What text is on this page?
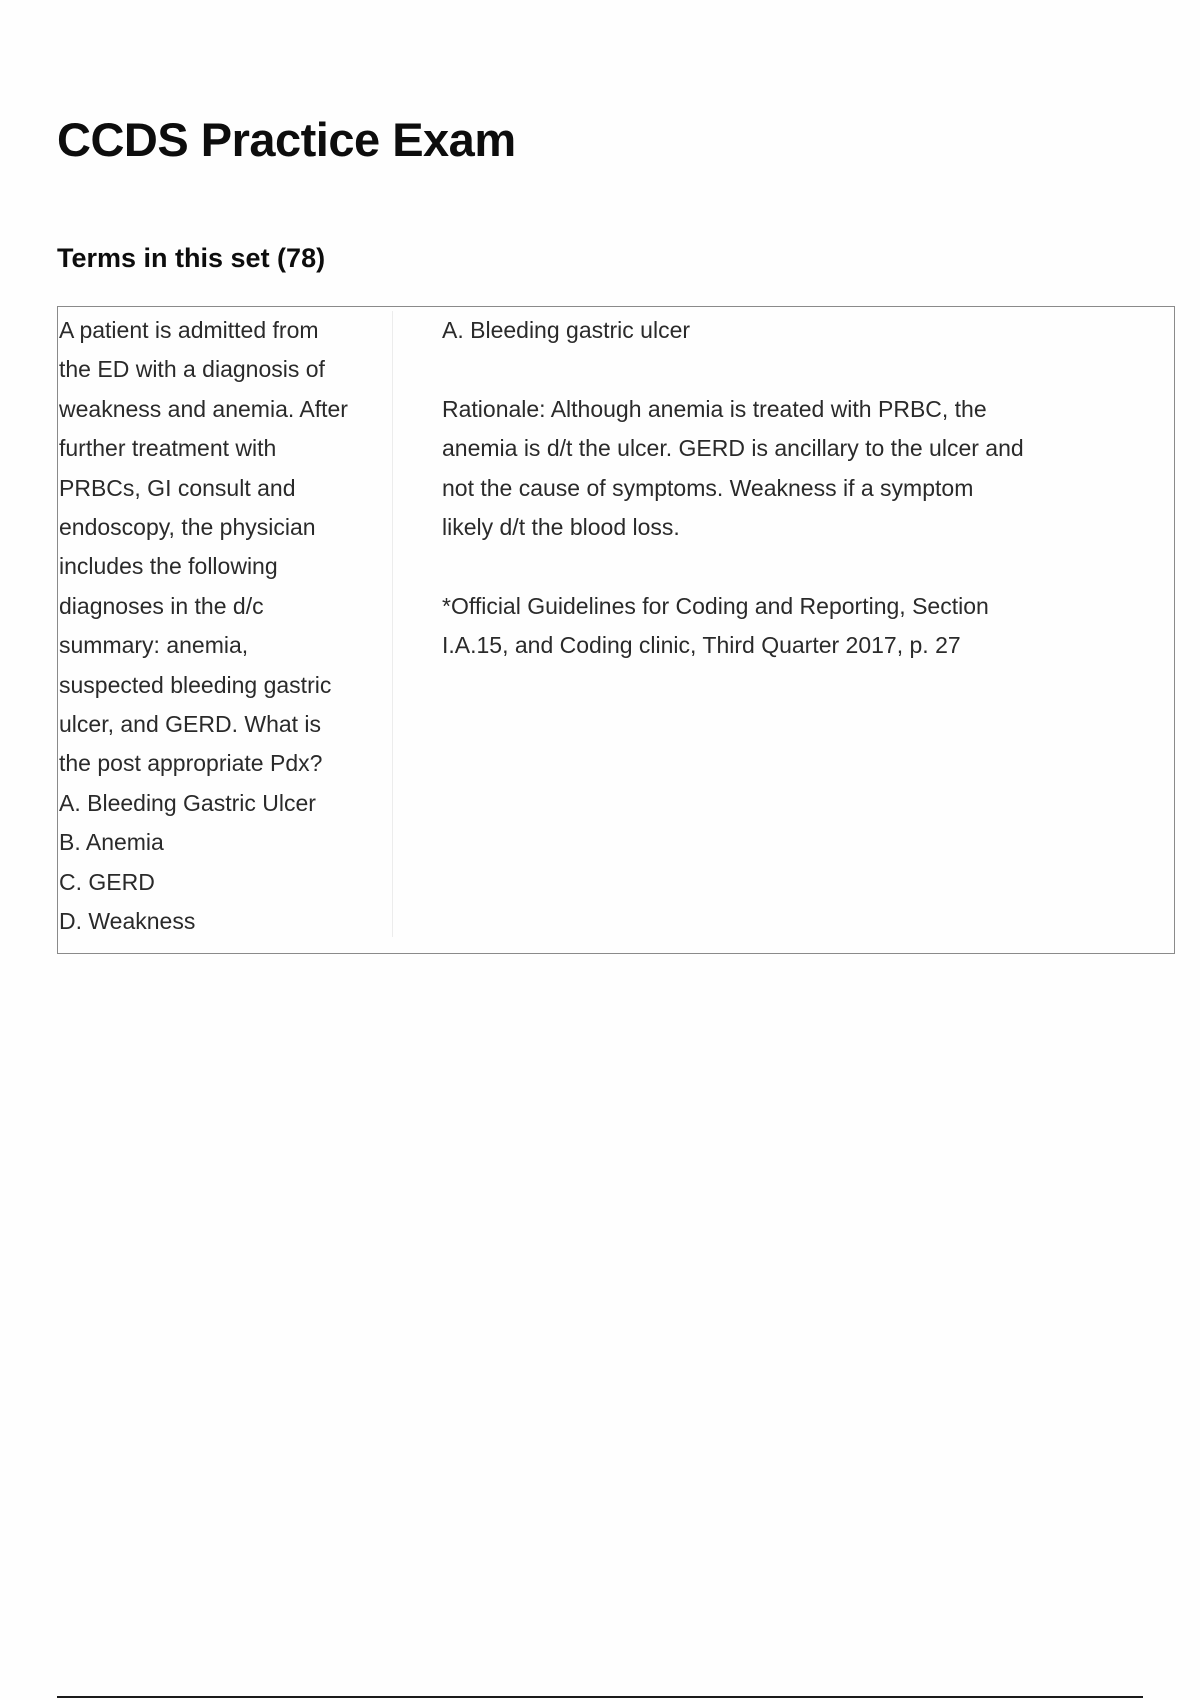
CCDS Practice Exam
Terms in this set (78)
A patient is admitted from
the ED with a diagnosis of
weakness and anemia. After
further treatment with
PRBCs, GI consult and
endoscopy, the physician
includes the following
diagnoses in the d/c
summary: anemia,
suspected bleeding gastric
ulcer, and GERD. What is
the post appropriate Pdx?
A. Bleeding Gastric Ulcer
B. Anemia
C. GERD
D. Weakness
A. Bleeding gastric ulcer
Rationale: Although anemia is treated with PRBC, the
anemia is d/t the ulcer. GERD is ancillary to the ulcer and
not the cause of symptoms. Weakness if a symptom
likely d/t the blood loss.
*Official Guidelines for Coding and Reporting, Section
I.A.15, and Coding clinic, Third Quarter 2017, p. 27
